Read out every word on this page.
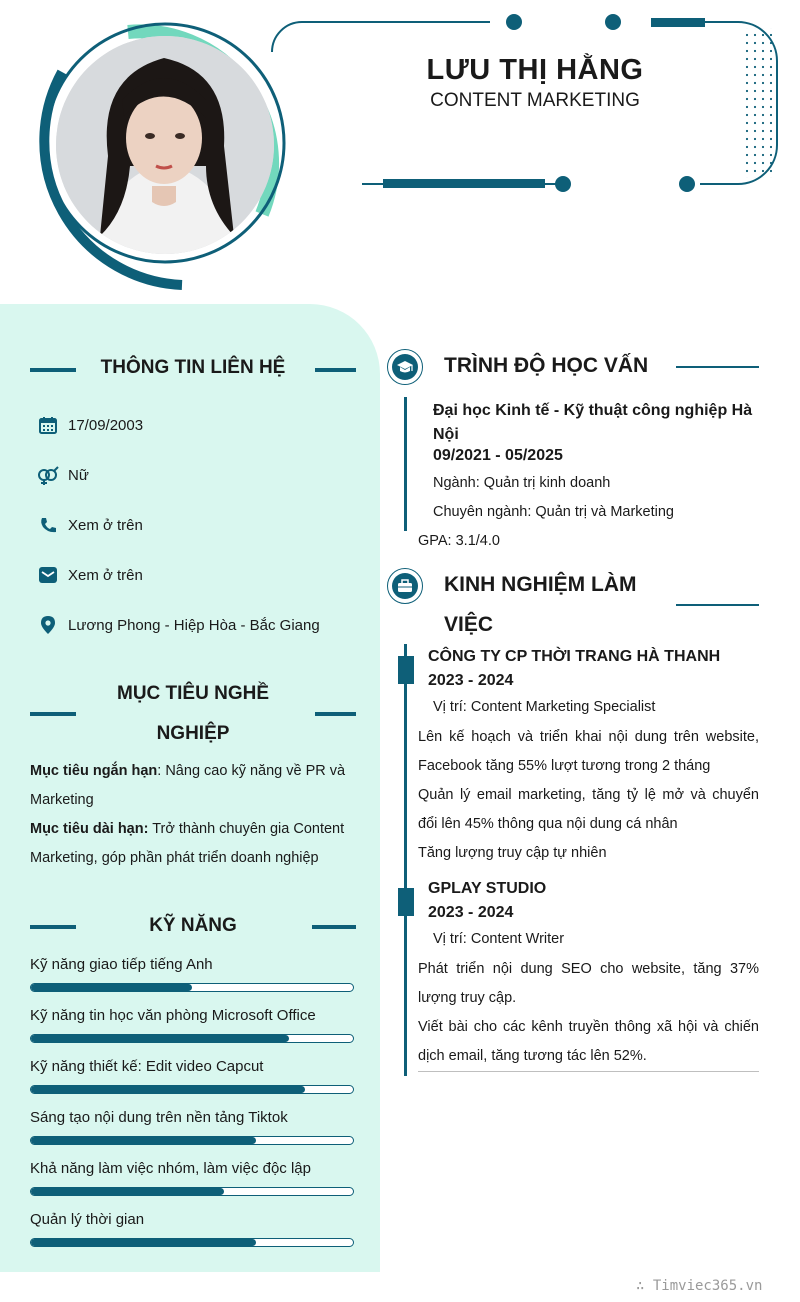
LƯU THỊ HẰNG
CONTENT MARKETING
THÔNG TIN LIÊN HỆ
17/09/2003
Nữ
Xem ở trên
Xem ở trên
Lương Phong - Hiệp Hòa - Bắc Giang
MỤC TIÊU NGHỀ
NGHIỆP
Mục tiêu ngắn hạn: Nâng cao kỹ năng về PR và Marketing
Mục tiêu dài hạn: Trở thành chuyên gia Content Marketing, góp phần phát triển doanh nghiệp
KỸ NĂNG
Kỹ năng giao tiếp tiếng Anh
Kỹ năng tin học văn phòng Microsoft Office
Kỹ năng thiết kế: Edit video Capcut
Sáng tạo nội dung trên nền tảng Tiktok
Khả năng làm việc nhóm, làm việc độc lập
Quản lý thời gian
TRÌNH ĐỘ HỌC VẤN
Đại học Kinh tế - Kỹ thuật công nghiệp Hà Nội
09/2021 - 05/2025
Ngành: Quản trị kinh doanh
Chuyên ngành: Quản trị và Marketing
GPA: 3.1/4.0
KINH NGHIỆM LÀM
VIỆC
CÔNG TY CP THỜI TRANG HÀ THANH
2023 - 2024
Vị trí: Content Marketing Specialist

Lên kế hoạch và triển khai nội dung trên website, Facebook tăng 55% lượt tương trong 2 tháng

Quản lý email marketing, tăng tỷ lệ mở và chuyển đổi lên 45% thông qua nội dung cá nhân

Tăng lượng truy cập tự nhiên

GPLAY STUDIO
2023 - 2024
Vị trí: Content Writer

Phát triển nội dung SEO cho website, tăng 37% lượng truy cập.

Viết bài cho các kênh truyền thông xã hội và chiến dịch email, tăng tương tác lên 52%.

∴ Timviec365.vn
